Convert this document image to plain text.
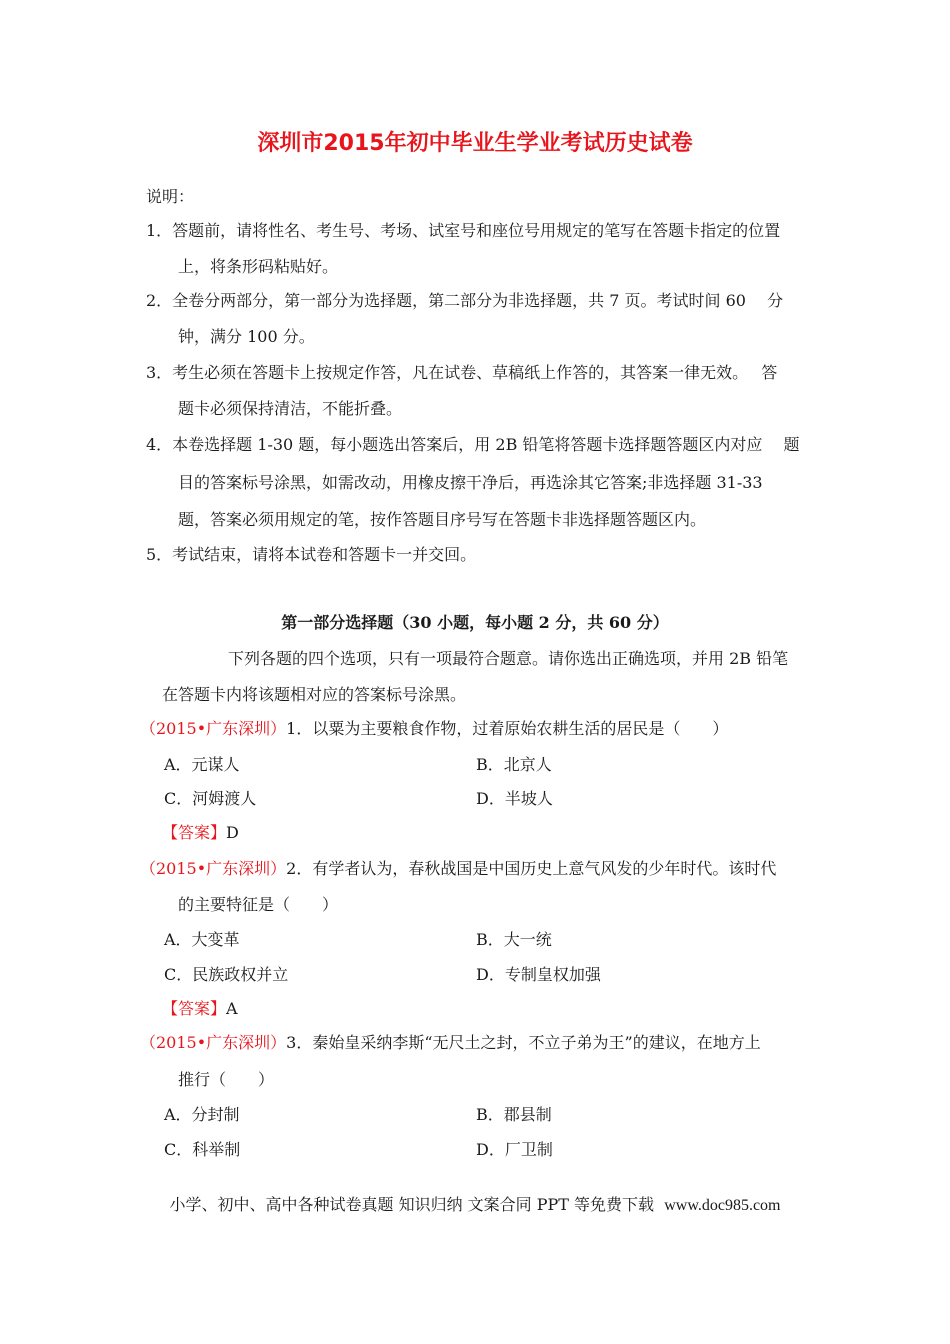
深圳市2015年初中毕业生学业考试历史试卷
说明：
1．答题前，请将性名、考生号、考场、试室号和座位号用规定的笔写在答题卡指定的位置
上，将条形码粘贴好。
2．全卷分两部分，第一部分为选择题，第二部分为非选择题，共 7 页。考试时间 60 　分
钟，满分 100 分。
3．考生必须在答题卡上按规定作答，凡在试卷、草稿纸上作答的，其答案一律无效。　 答
题卡必须保持清洁，不能折叠。
4．本卷选择题 1-30 题，每小题选出答案后，用 2B 铅笔将答题卡选择题答题区内对应　 题
目的答案标号涂黑，如需改动，用橡皮擦干净后，再选涂其它答案;非选择题 31-33
题，答案必须用规定的笔，按作答题目序号写在答题卡非选择题答题区内。
5．考试结束，请将本试卷和答题卡一并交回。
第一部分选择题（30 小题，每小题 2 分，共 60 分）
下列各题的四个选项，只有一项最符合题意。请你选出正确选项，并用 2B 铅笔
在答题卡内将该题相对应的答案标号涂黑。
（2015•广东深圳）1．以粟为主要粮食作物，过着原始农耕生活的居民是（　　）
A．元谋人	B．北京人
C．河姆渡人	D．半坡人
【答案】D
（2015•广东深圳）2．有学者认为，春秋战国是中国历史上意气风发的少年时代。该时代
的主要特征是（　　）
A．大变革	B．大一统
C．民族政权并立	D．专制皇权加强
【答案】A
（2015•广东深圳）3．秦始皇采纳李斯“无尺土之封，不立子弟为王”的建议，在地方上
推行（　　）
A．分封制	B．郡县制
C．科举制	D．厂卫制
小学、初中、高中各种试卷真题 知识归纳 文案合同 PPT 等免费下载 www.doc985.com
